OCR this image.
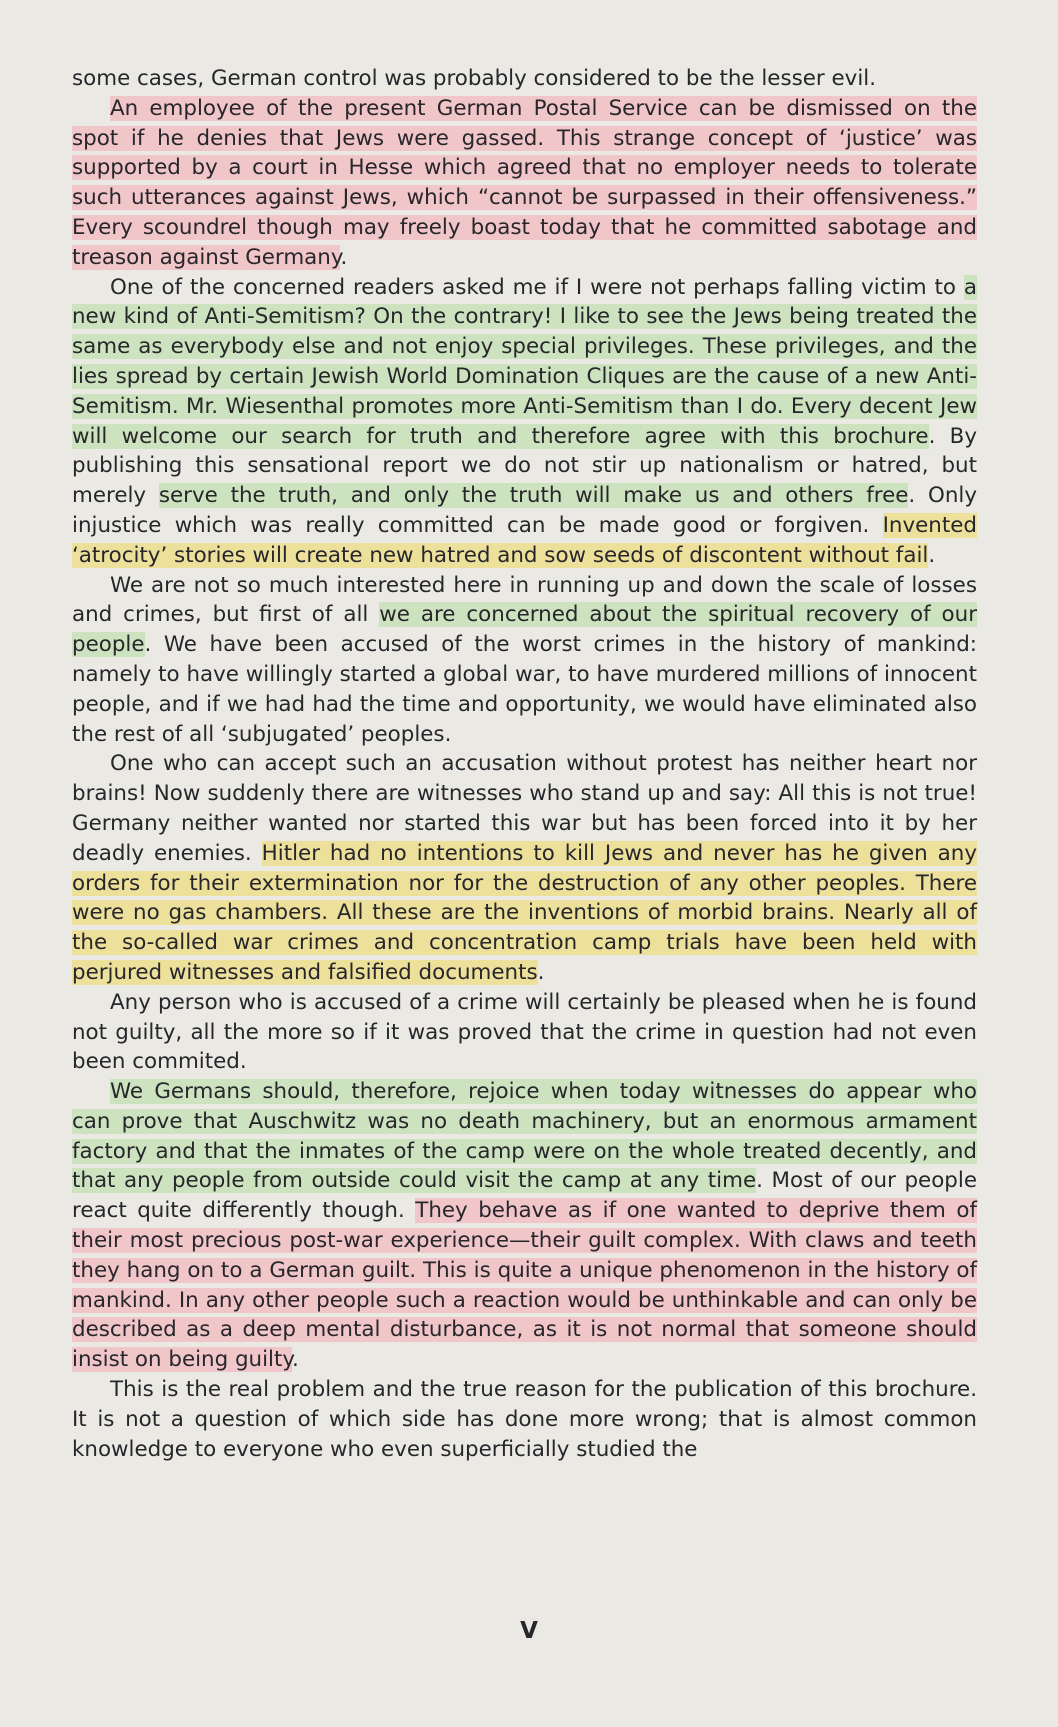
some cases, German control was probably considered to be the lesser evil.

An employee of the present German Postal Service can be dismissed on the spot if he denies that Jews were gassed. This strange concept of ‘justice’ was supported by a court in Hesse which agreed that no employer needs to tolerate such utterances against Jews, which “cannot be surpassed in their offensiveness.” Every scoundrel though may freely boast today that he committed sabotage and treason against Germany.

One of the concerned readers asked me if I were not perhaps falling victim to a new kind of Anti-Semitism? On the contrary! I like to see the Jews being treated the same as everybody else and not enjoy special privileges. These privileges, and the lies spread by certain Jewish World Domination Cliques are the cause of a new Anti-Semitism. Mr. Wiesenthal promotes more Anti-Semitism than I do. Every decent Jew will welcome our search for truth and therefore agree with this brochure. By publishing this sensational report we do not stir up nationalism or hatred, but merely serve the truth, and only the truth will make us and others free. Only injustice which was really committed can be made good or forgiven. Invented ‘atrocity’ stories will create new hatred and sow seeds of discontent without fail.

We are not so much interested here in running up and down the scale of losses and crimes, but first of all we are concerned about the spiritual recovery of our people. We have been accused of the worst crimes in the history of mankind: namely to have willingly started a global war, to have murdered millions of innocent people, and if we had had the time and opportunity, we would have eliminated also the rest of all ‘subjugated’ peoples.

One who can accept such an accusation without protest has neither heart nor brains! Now suddenly there are witnesses who stand up and say: All this is not true! Germany neither wanted nor started this war but has been forced into it by her deadly enemies. Hitler had no intentions to kill Jews and never has he given any orders for their extermination nor for the destruction of any other peoples. There were no gas chambers. All these are the inventions of morbid brains. Nearly all of the so-called war crimes and concentration camp trials have been held with perjured witnesses and falsified documents.

Any person who is accused of a crime will certainly be pleased when he is found not guilty, all the more so if it was proved that the crime in question had not even been commited.

We Germans should, therefore, rejoice when today witnesses do appear who can prove that Auschwitz was no death machinery, but an enormous armament factory and that the inmates of the camp were on the whole treated decently, and that any people from outside could visit the camp at any time. Most of our people react quite differently though. They behave as if one wanted to deprive them of their most precious post-war experience—their guilt complex. With claws and teeth they hang on to a German guilt. This is quite a unique phenomenon in the history of mankind. In any other people such a reaction would be unthinkable and can only be described as a deep mental disturbance, as it is not normal that someone should insist on being guilty.

This is the real problem and the true reason for the publication of this brochure. It is not a question of which side has done more wrong; that is almost common knowledge to everyone who even superficially studied the

V
